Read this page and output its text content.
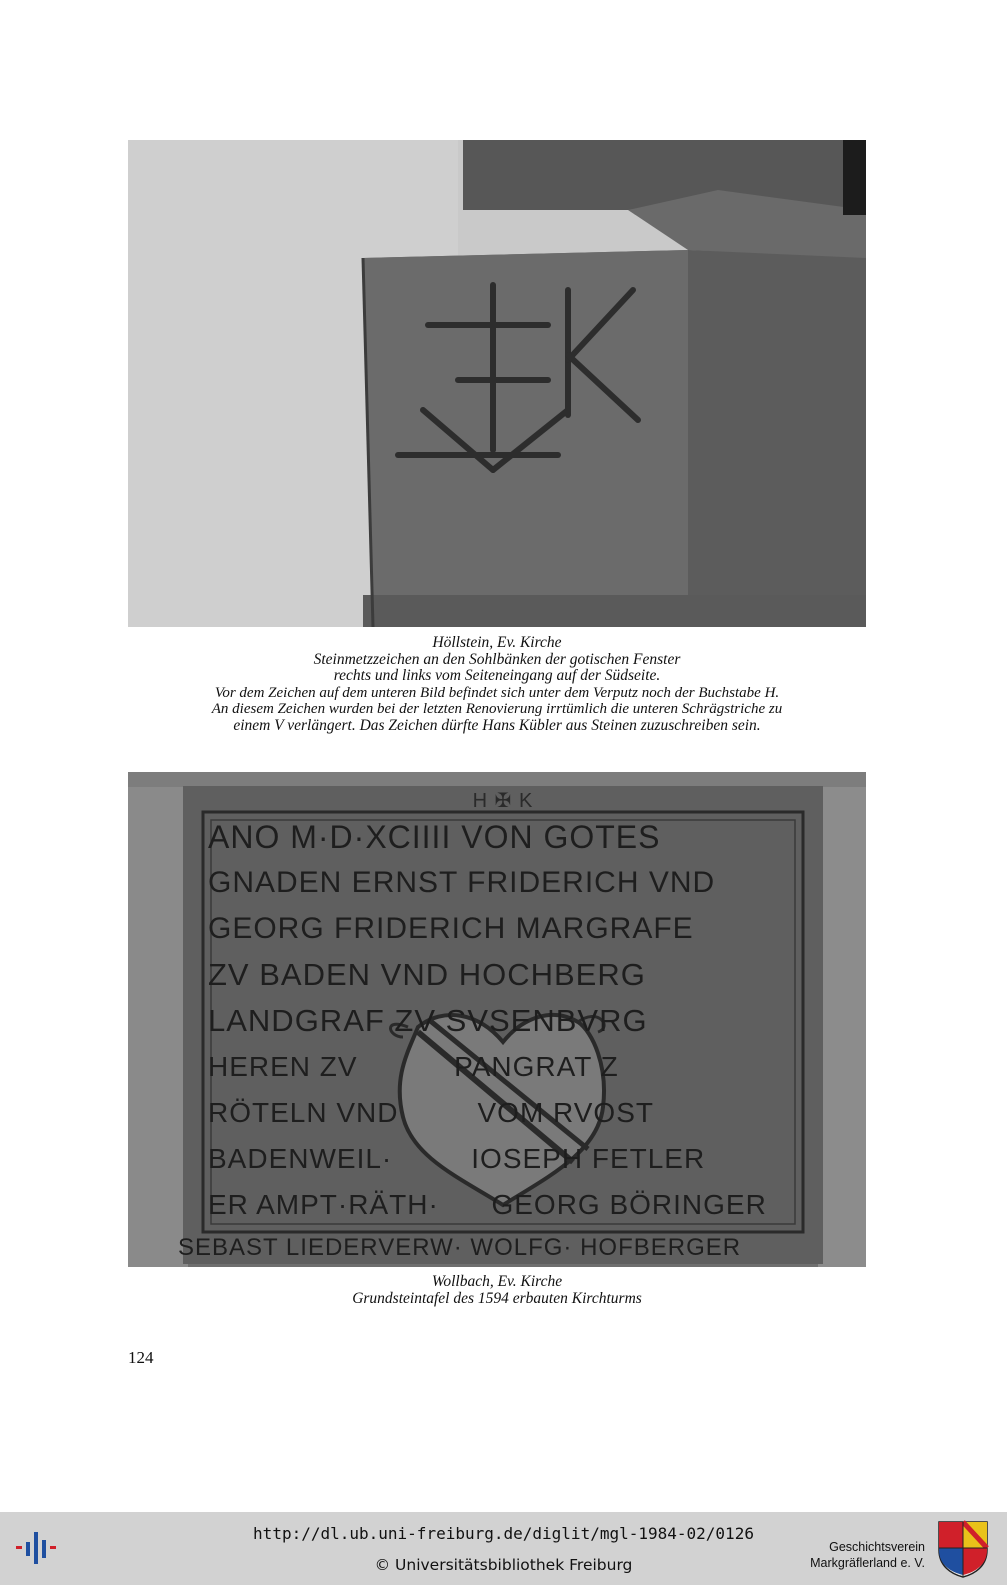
Höllstein, Ev. Kirche
Steinmetzzeichen an den Sohlbänken der gotischen Fenster
rechts und links vom Seiteneingang auf der Südseite.
Vor dem Zeichen auf dem unteren Bild befindet sich unter dem Verputz noch der Buchstabe H.
An diesem Zeichen wurden bei der letzten Renovierung irrtümlich die unteren Schrägstriche zu
einem V verlängert. Das Zeichen dürfte Hans Kübler aus Steinen zuzuschreiben sein.
H ✠ K
ANO M·D·XCIIII VON GOTES
GNADEN ERNST FRIDERICH VND
GEORG FRIDERICH MARGRAFE
ZV BADEN VND HOCHBERG
LANDGRAF ZV SVSENBVRG
HEREN ZV           PANGRAT Z
RÖTELN VND         VOM RVOST
BADENWEIL·         IOSEPH FETLER
ER AMPT·RÄTH·      GEORG BÖRINGER
SEBAST LIEDERVERW· WOLFG· HOFBERGER
Wollbach, Ev. Kirche
Grundsteintafel des 1594 erbauten Kirchturms
124
http://dl.ub.uni-freiburg.de/diglit/mgl-1984-02/0126
© Universitätsbibliothek Freiburg
Geschichtsverein
Markgräflerland e. V.
